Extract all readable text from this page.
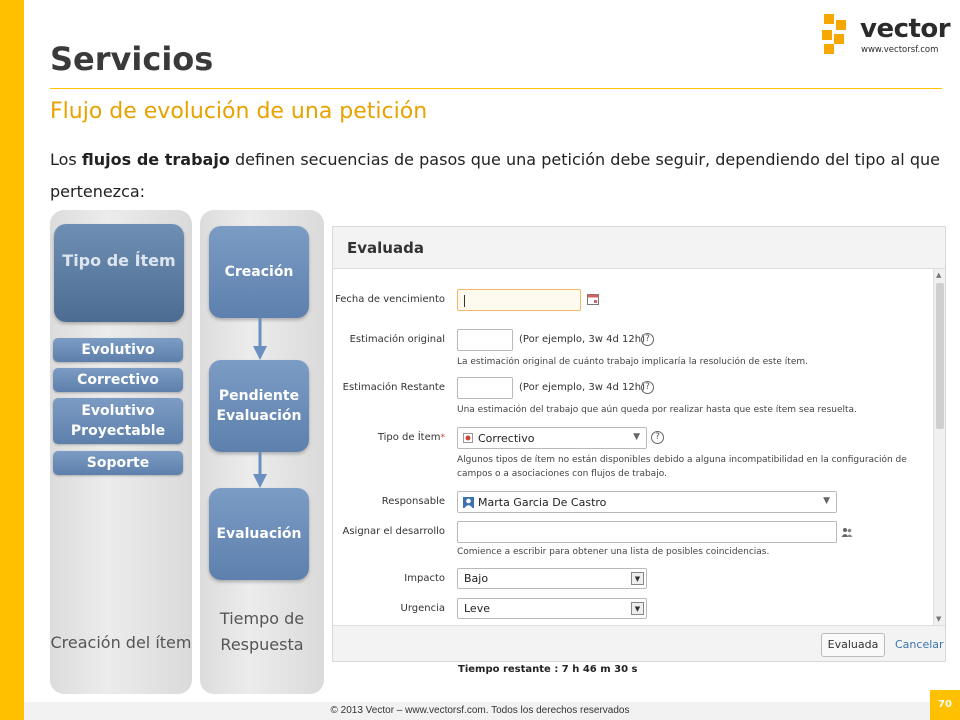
Servicios
Flujo de evolución de una petición
vector
www.vectorsf.com
Los flujos de trabajo definen secuencias de pasos que una petición debe seguir, dependiendo del tipo al que pertenezca:
Tipo de Ítem
Evolutivo
Correctivo
Evolutivo Proyectable
Soporte
Creación del ítem
Creación
Pendiente Evaluación
Evaluación
Tiempo de Respuesta
Evaluada
▲
▼
Fecha de vencimiento
Estimación original	(Por ejemplo, 3w 4d 12h) ?
La estimación original de cuánto trabajo implicaría la resolución de este ítem.
Estimación Restante	(Por ejemplo, 3w 4d 12h) ?
Una estimación del trabajo que aún queda por realizar hasta que este ítem sea resuelta.
Tipo de Ítem*	Correctivo	▼	?
Algunos tipos de ítem no están disponibles debido a alguna incompatibilidad en la configuración de campos o a asociaciones con flujos de trabajo.
Responsable	Marta Garcia De Castro	▼
Asignar el desarrollo
Comience a escribir para obtener una lista de posibles coincidencias.
Impacto	Bajo	▼
Urgencia	Leve	▼
Evaluada	Cancelar
Tiempo restante : 7 h 46 m 30 s
© 2013 Vector – www.vectorsf.com. Todos los derechos reservados
70
